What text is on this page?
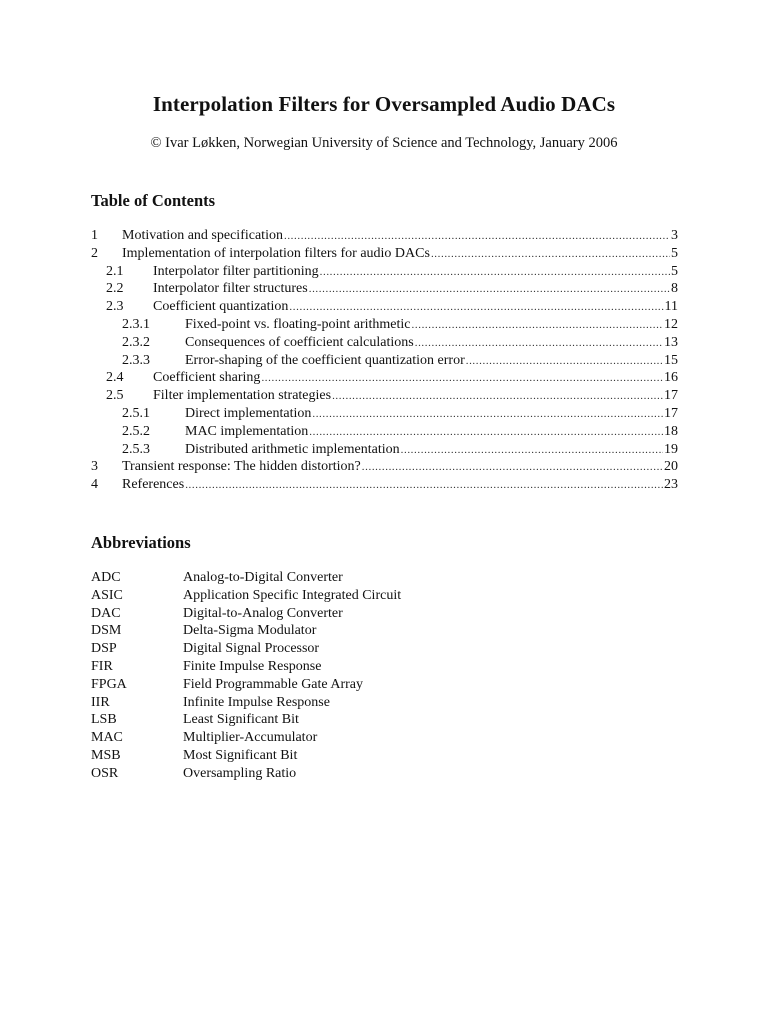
Interpolation Filters for Oversampled Audio DACs
© Ivar Løkken, Norwegian University of Science and Technology, January 2006
Table of Contents
1	Motivation and specification .....	3
2	Implementation of interpolation filters for audio DACs .....	5
2.1	Interpolator filter partitioning .....	5
2.2	Interpolator filter structures .....	8
2.3	Coefficient quantization .....	11
2.3.1	Fixed-point vs. floating-point arithmetic .....	12
2.3.2	Consequences of coefficient calculations .....	13
2.3.3	Error-shaping of the coefficient quantization error .....	15
2.4	Coefficient sharing .....	16
2.5	Filter implementation strategies .....	17
2.5.1	Direct implementation .....	17
2.5.2	MAC implementation .....	18
2.5.3	Distributed arithmetic implementation .....	19
3	Transient response: The hidden distortion? .....	20
4	References .....	23
Abbreviations
ADC	Analog-to-Digital Converter
ASIC	Application Specific Integrated Circuit
DAC	Digital-to-Analog Converter
DSM	Delta-Sigma Modulator
DSP	Digital Signal Processor
FIR	Finite Impulse Response
FPGA	Field Programmable Gate Array
IIR	Infinite Impulse Response
LSB	Least Significant Bit
MAC	Multiplier-Accumulator
MSB	Most Significant Bit
OSR	Oversampling Ratio
